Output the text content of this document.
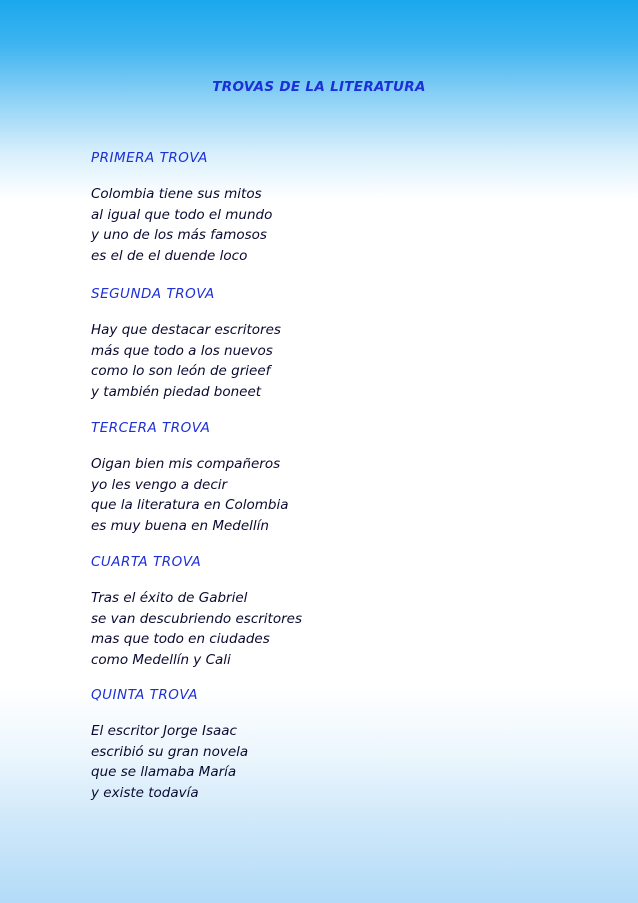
TROVAS DE LA LITERATURA

PRIMERA TROVA

Colombia tiene sus mitos

al igual que todo el mundo

y uno de los más famosos

es el de el duende loco

SEGUNDA TROVA

Hay que destacar escritores

más que todo a los nuevos

como lo son león de grieef

y también piedad boneet

TERCERA TROVA

Oigan bien mis compañeros

yo les vengo a decir

que la literatura en Colombia

es muy buena en Medellín

CUARTA TROVA

Tras el éxito de Gabriel

se van descubriendo escritores

mas que todo en ciudades

como Medellín y Cali

QUINTA TROVA

El escritor Jorge Isaac

escribió su gran novela

que se llamaba María

y existe todavía
